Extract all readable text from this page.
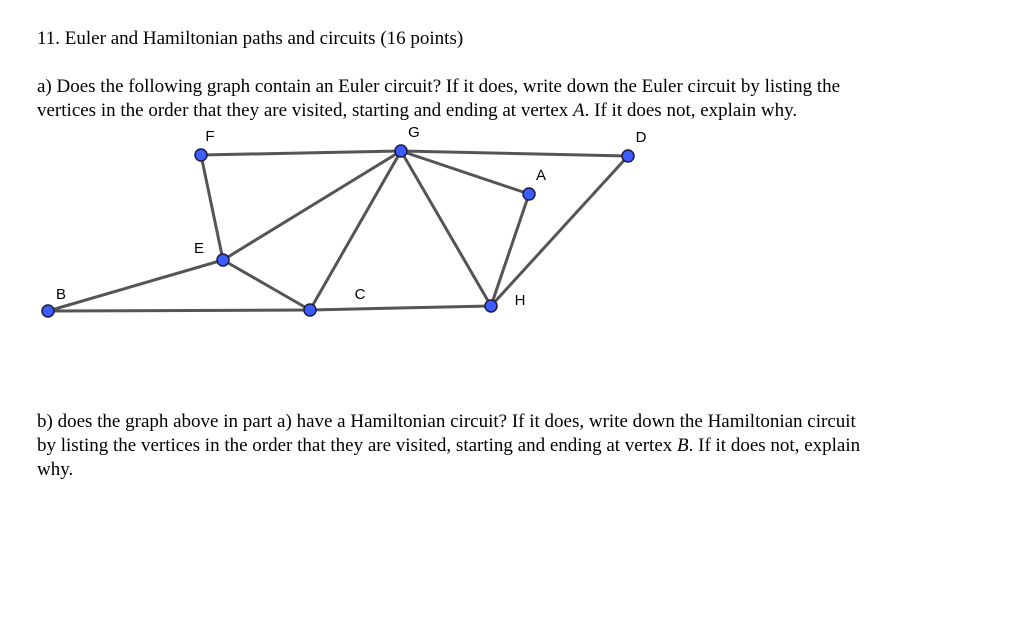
11. Euler and Hamiltonian paths and circuits (16 points)

a) Does the following graph contain an Euler circuit? If it does, write down the Euler circuit by listing the
vertices in the order that they are visited, starting and ending at vertex A. If it does not, explain why.

F	G	D
A
E
B	C	H

b) does the graph above in part a) have a Hamiltonian circuit? If it does, write down the Hamiltonian circuit
by listing the vertices in the order that they are visited, starting and ending at vertex B. If it does not, explain
why.
